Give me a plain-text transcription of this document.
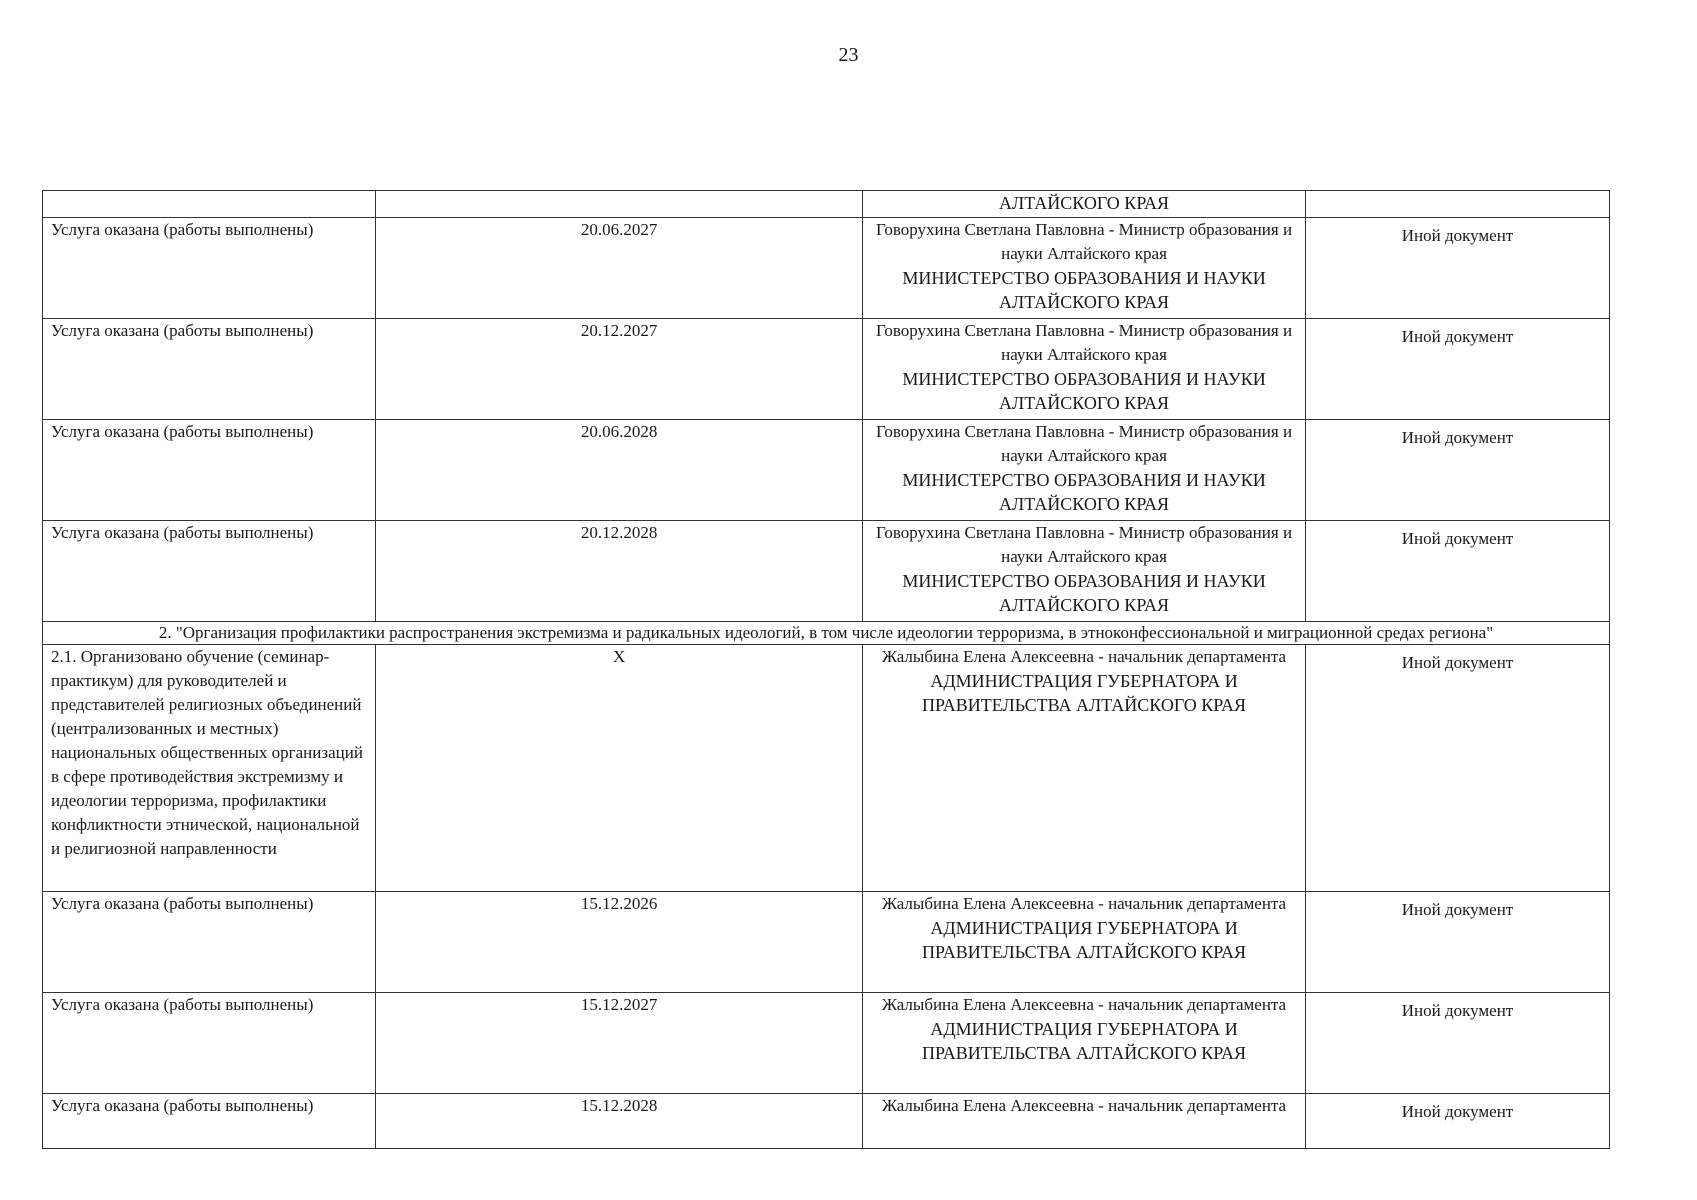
23

		АЛТАЙСКОГО КРАЯ	

Услуга оказана (работы выполнены)	20.06.2027	Говорухина Светлана Павловна - Министр образования и науки Алтайского края
МИНИСТЕРСТВО ОБРАЗОВАНИЯ И НАУКИ АЛТАЙСКОГО КРАЯ	Иной документ
Услуга оказана (работы выполнены)	20.12.2027	Говорухина Светлана Павловна - Министр образования и науки Алтайского края
МИНИСТЕРСТВО ОБРАЗОВАНИЯ И НАУКИ АЛТАЙСКОГО КРАЯ	Иной документ
Услуга оказана (работы выполнены)	20.06.2028	Говорухина Светлана Павловна - Министр образования и науки Алтайского края
МИНИСТЕРСТВО ОБРАЗОВАНИЯ И НАУКИ АЛТАЙСКОГО КРАЯ	Иной документ
Услуга оказана (работы выполнены)	20.12.2028	Говорухина Светлана Павловна - Министр образования и науки Алтайского края
МИНИСТЕРСТВО ОБРАЗОВАНИЯ И НАУКИ АЛТАЙСКОГО КРАЯ	Иной документ
2. "Организация профилактики распространения экстремизма и радикальных идеологий, в том числе идеологии терроризма, в этноконфессиональной и миграционной средах региона"			
2.1. Организовано обучение (семинар-практикум) для руководителей и представителей религиозных объединений (централизованных и местных) национальных общественных организаций в сфере противодействия экстремизму и идеологии терроризма, профилактики конфликтности этнической, национальной и религиозной направленности	X	Жалыбина Елена Алексеевна - начальник департамента
АДМИНИСТРАЦИЯ ГУБЕРНАТОРА И ПРАВИТЕЛЬСТВА АЛТАЙСКОГО КРАЯ	Иной документ
Услуга оказана (работы выполнены)	15.12.2026	Жалыбина Елена Алексеевна - начальник департамента
АДМИНИСТРАЦИЯ ГУБЕРНАТОРА И ПРАВИТЕЛЬСТВА АЛТАЙСКОГО КРАЯ	Иной документ
Услуга оказана (работы выполнены)	15.12.2027	Жалыбина Елена Алексеевна - начальник департамента
АДМИНИСТРАЦИЯ ГУБЕРНАТОРА И ПРАВИТЕЛЬСТВА АЛТАЙСКОГО КРАЯ	Иной документ
Услуга оказана (работы выполнены)	15.12.2028	Жалыбина Елена Алексеевна - начальник департамента	Иной документ
